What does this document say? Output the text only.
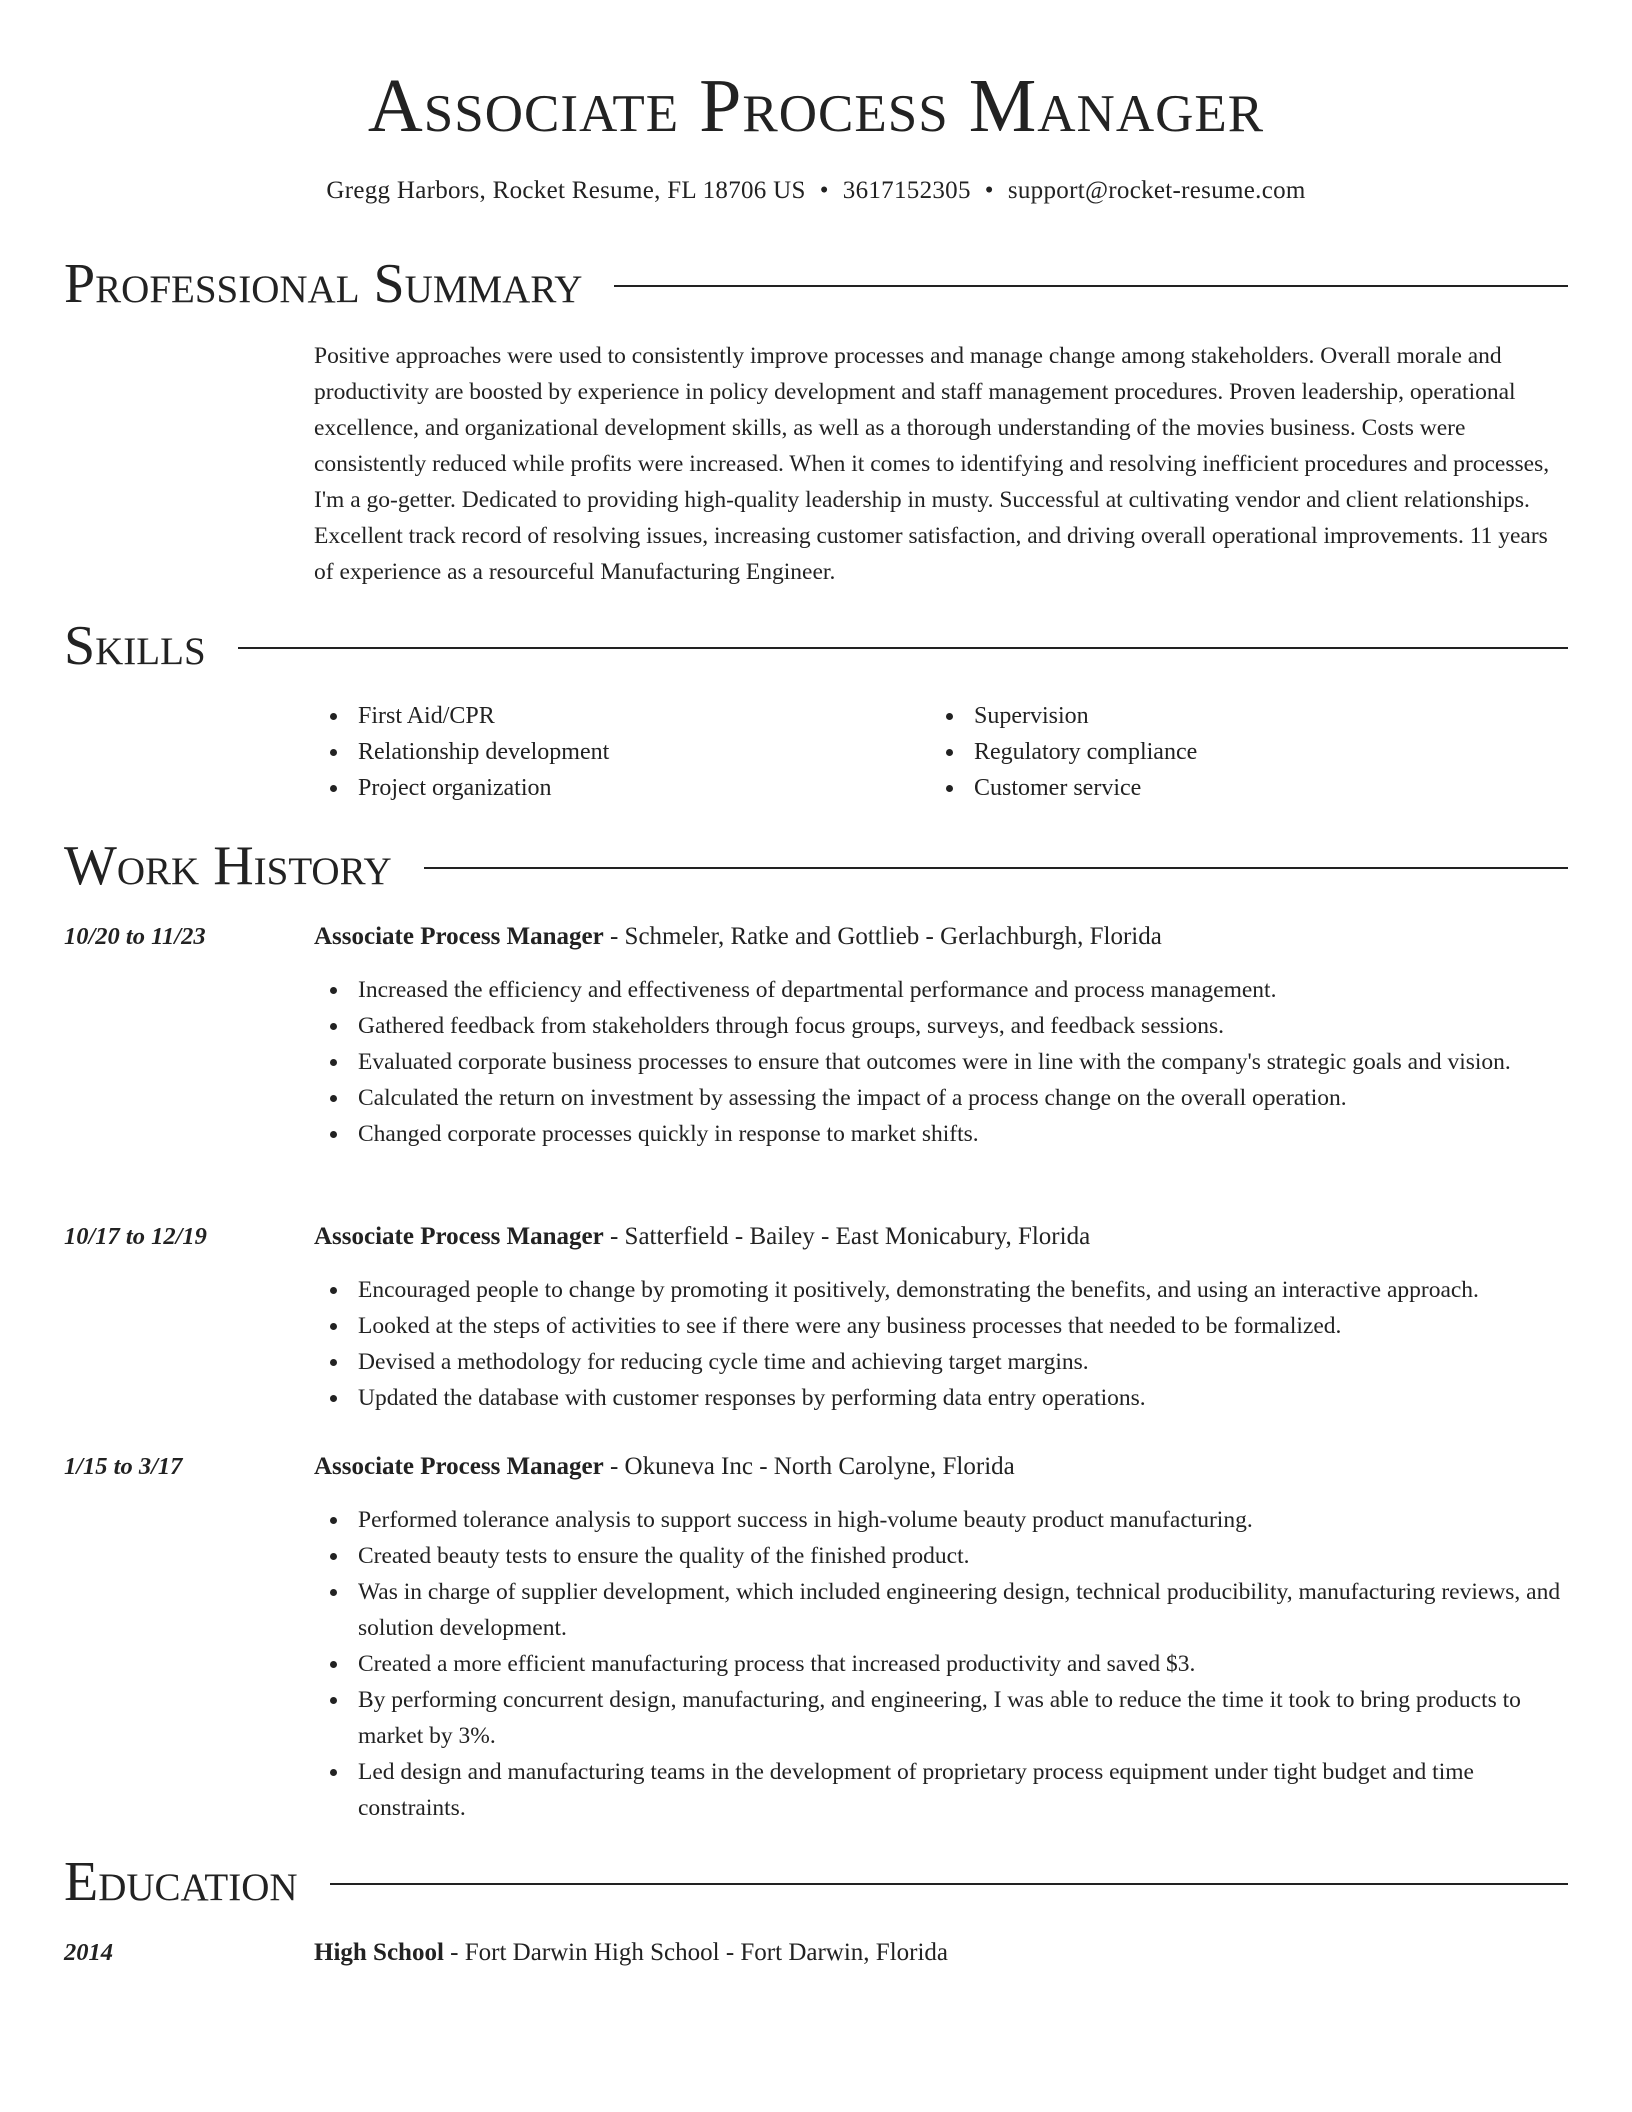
Associate Process Manager
Gregg Harbors, Rocket Resume, FL 18706 US • 3617152305 • support@rocket-resume.com
Professional Summary

Positive approaches were used to consistently improve processes and manage change among stakeholders. Overall morale and productivity are boosted by experience in policy development and staff management procedures. Proven leadership, operational excellence, and organizational development skills, as well as a thorough understanding of the movies business. Costs were consistently reduced while profits were increased. When it comes to identifying and resolving inefficient procedures and processes, I'm a go-getter. Dedicated to providing high-quality leadership in musty. Successful at cultivating vendor and client relationships. Excellent track record of resolving issues, increasing customer satisfaction, and driving overall operational improvements. 11 years of experience as a resourceful Manufacturing Engineer.

Skills
First Aid/CPR
Relationship development
Project organization
Supervision
Regulatory compliance
Customer service
Work History
10/20 to 11/23	Associate Process Manager - Schmeler, Ratke and Gottlieb - Gerlachburgh, Florida
Increased the efficiency and effectiveness of departmental performance and process management.
Gathered feedback from stakeholders through focus groups, surveys, and feedback sessions.
Evaluated corporate business processes to ensure that outcomes were in line with the company's strategic goals and vision.
Calculated the return on investment by assessing the impact of a process change on the overall operation.
Changed corporate processes quickly in response to market shifts.
10/17 to 12/19	Associate Process Manager - Satterfield - Bailey - East Monicabury, Florida
Encouraged people to change by promoting it positively, demonstrating the benefits, and using an interactive approach.
Looked at the steps of activities to see if there were any business processes that needed to be formalized.
Devised a methodology for reducing cycle time and achieving target margins.
Updated the database with customer responses by performing data entry operations.
1/15 to 3/17	Associate Process Manager - Okuneva Inc - North Carolyne, Florida
Performed tolerance analysis to support success in high-volume beauty product manufacturing.
Created beauty tests to ensure the quality of the finished product.
Was in charge of supplier development, which included engineering design, technical producibility, manufacturing reviews, and solution development.
Created a more efficient manufacturing process that increased productivity and saved $3.
By performing concurrent design, manufacturing, and engineering, I was able to reduce the time it took to bring products to market by 3%.
Led design and manufacturing teams in the development of proprietary process equipment under tight budget and time constraints.
Education
2014	High School - Fort Darwin High School - Fort Darwin, Florida
